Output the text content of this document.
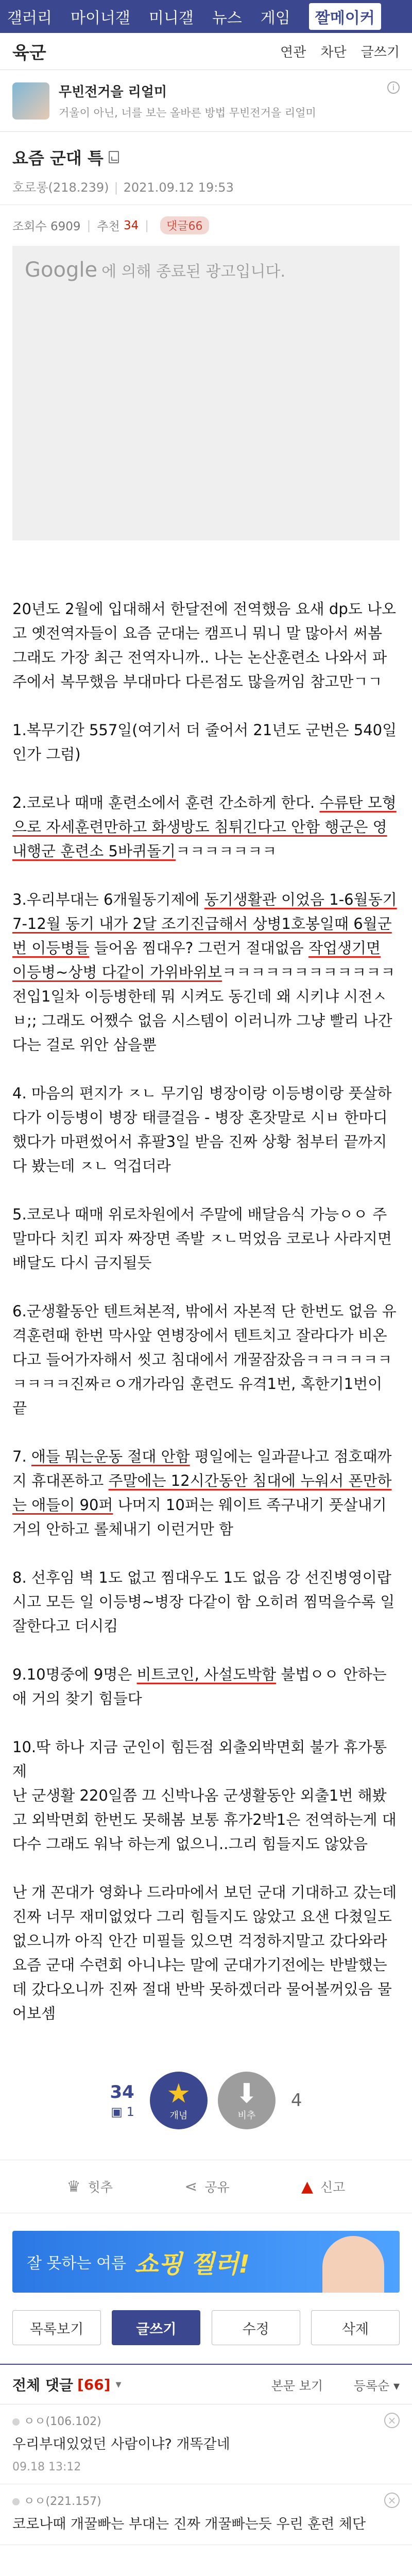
갤러리 마이너갤 미니갤 뉴스 게임	짤메이커
육군	연관 차단 글쓰기
무빈전거을 리얼미
거울이 아닌, 너를 보는 올바른 방법 무빈전거을 리얼미
i
요즘 군대 특
호로롱(218.239) | 2021.09.12 19:53
조회수 6909 | 추천
34 |	댓글66
Google 에 의해 종료된 광고입니다.

20년도 2월에 입대해서 한달전에 전역했음 요새 dp도 나오고 옛전역자들이 요즘 군대는 캠프니 뭐니 말 많아서 써봄 그래도 가장 최근 전역자니까.. 나는 논산훈련소 나와서 파주에서 복무했음 부대마다 다른점도 많을꺼임 참고만ㄱㄱ

1.복무기간 557일(여기서 더 줄어서 21년도 군번은 540일인가 그럼)

2.코로나 때매 훈련소에서 훈련 간소하게 한다. 수류탄 모형으로 자세훈련만하고 화생방도 침튀긴다고 안함 행군은 영내행군 훈련소 5바퀴돌기ㅋㅋㅋㅋㅋㅋㅋ

3.우리부대는 6개월동기제에 동기생활관 이었음 1-6월동기 7-12월 동기 내가 2달 조기진급해서 상병1호봉일때 6월군번 이등병들 들어옴 찜대우? 그런거 절대없음 작업생기면 이등병~상병 다같이 가위바위보ㅋㅋㅋㅋㅋㅋㅋㅋㅋㅋㅋㅋ전입1일차 이등병한테 뭐 시켜도 동긴데 왜 시키냐 시전ㅅㅂ;; 그래도 어쨌수 없음 시스템이 이러니까 그냥 빨리 나간다는 걸로 위안 삼을뿐

4. 마음의 편지가 ㅈㄴ 무기임 병장이랑 이등병이랑 풋살하다가 이등병이 병장 태클걸음 - 병장 혼잣말로 시ㅂ 한마디 했다가 마편썼어서 휴팔3일 받음 진짜 상황 첨부터 끝까지 다 봤는데 ㅈㄴ 억겁더라

5.코로나 때매 위로차원에서 주말에 배달음식 가능ㅇㅇ 주말마다 치킨 피자 짜장면 족발 ㅈㄴ먹었음 코로나 사라지면 배달도 다시 금지될듯

6.군생활동안 텐트쳐본적, 밖에서 자본적 단 한번도 없음 유격훈련때 한번 막사앞 연병장에서 텐트치고 잘라다가 비온다고 들어가자해서 씻고 침대에서 개꿀잠잤음ㅋㅋㅋㅋㅋㅋㅋㅋㅋㅋ진짜ㄹㅇ개가라임 훈련도 유격1번, 혹한기1번이 끝

7. 애들 뭐는운동 절대 안함 평일에는 일과끝나고 점호때까지 휴대폰하고 주말에는 12시간동안 침대에 누워서 폰만하는 애들이 90퍼 나머지 10퍼는 웨이트 족구내기 풋살내기 거의 안하고 롤체내기 이런거만 함

8. 선후임 벽 1도 없고 찜대우도 1도 없음 강 선진병영이랍시고 모든 일 이등병~병장 다같이 함 오히려 찜먹을수록 일 잘한다고 더시킴

9.10명중에 9명은 비트코인, 사설도박함 불법ㅇㅇ 안하는애 거의 찾기 힘들다

10.딱 하나 지금 군인이 힘든점 외출외박면회 불가 휴가통제
난 군생활 220일쯤 끄 신박나옴 군생활동안 외출1번 해봤고 외박면회 한번도 못해봄 보통 휴가2박1은 전역하는게 대다수 그래도 워낙 하는게 없으니..그리 힘들지도 않았음

난 개 꼰대가 영화나 드라마에서 보던 군대 기대하고 갔는데 진짜 너무 재미없었다 그리 힘들지도 않았고 요샌 다쳤일도 없으니까 아직 안간 미필들 있으면 걱정하지말고 갔다와라
요즘 군대 수련회 아니냐는 말에 군대가기전에는 반발했는데 갔다오니까 진짜 절대 반박 못하겠더라 물어볼꺼있음 물어보셈

34
▣ 1
★
개념
⬇
비추
4
♛ 힛추	⋖ 공유	▲ 신고
잘 못하는 여름 쇼핑 찔러!
목록보기	글쓰기	수정	삭제
전체 댓글 [66] ▾	본문 보기 등록순 ▾
ㅇㅇ(106.102)
우리부대있었던 사람이냐? 개똑같네
09.18 13:12
×
ㅇㅇ(221.157)
코로나때 개꿀빠는 부대는 진짜 개꿀빠는듯 우린 훈련 체단
×
